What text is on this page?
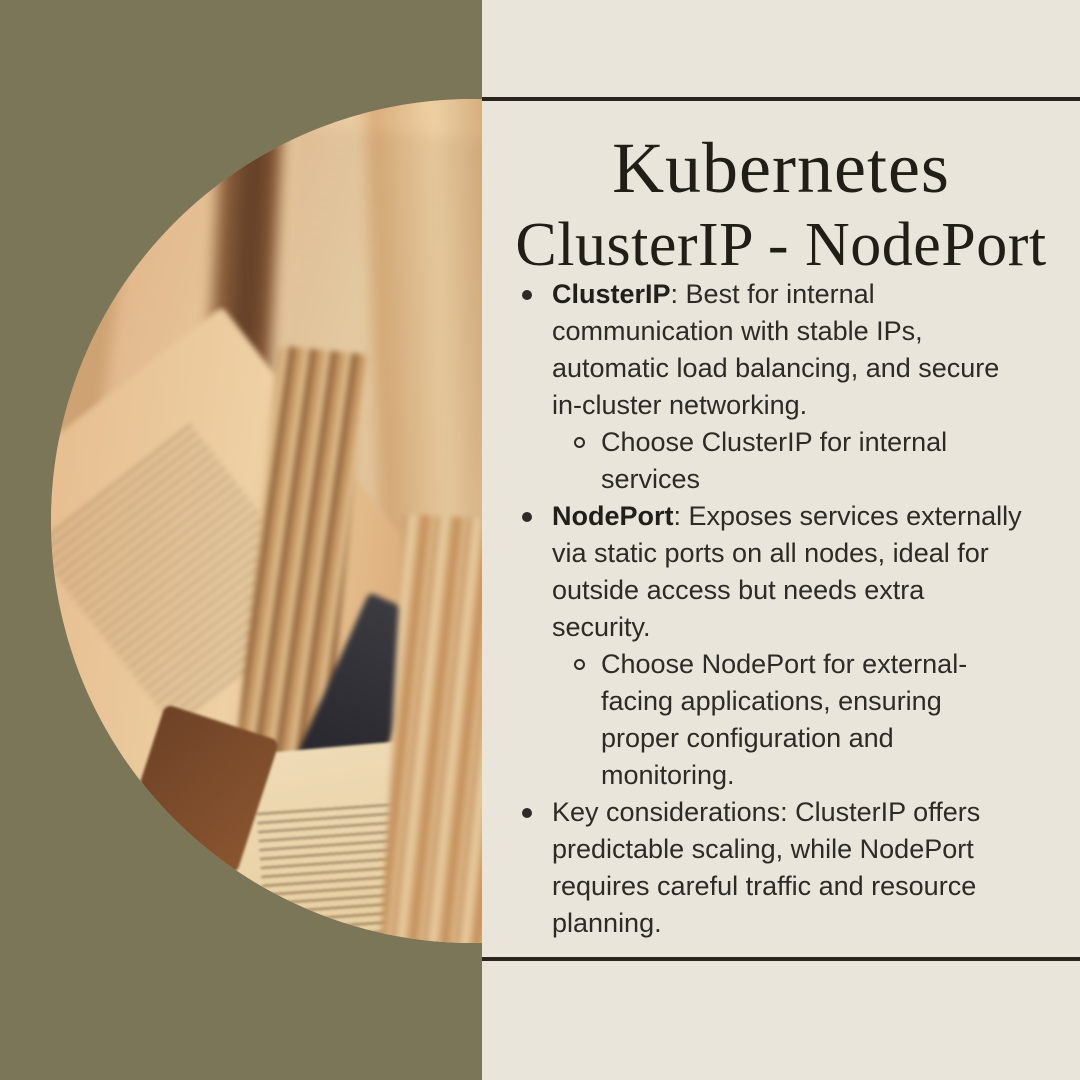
Kubernetes
ClusterIP - NodePort
ClusterIP: Best for internal
communication with stable IPs,
automatic load balancing, and secure
in-cluster networking.
Choose ClusterIP for internal
services
NodePort: Exposes services externally
via static ports on all nodes, ideal for
outside access but needs extra
security.
Choose NodePort for external-
facing applications, ensuring
proper configuration and
monitoring.
Key considerations: ClusterIP offers
predictable scaling, while NodePort
requires careful traffic and resource
planning.
